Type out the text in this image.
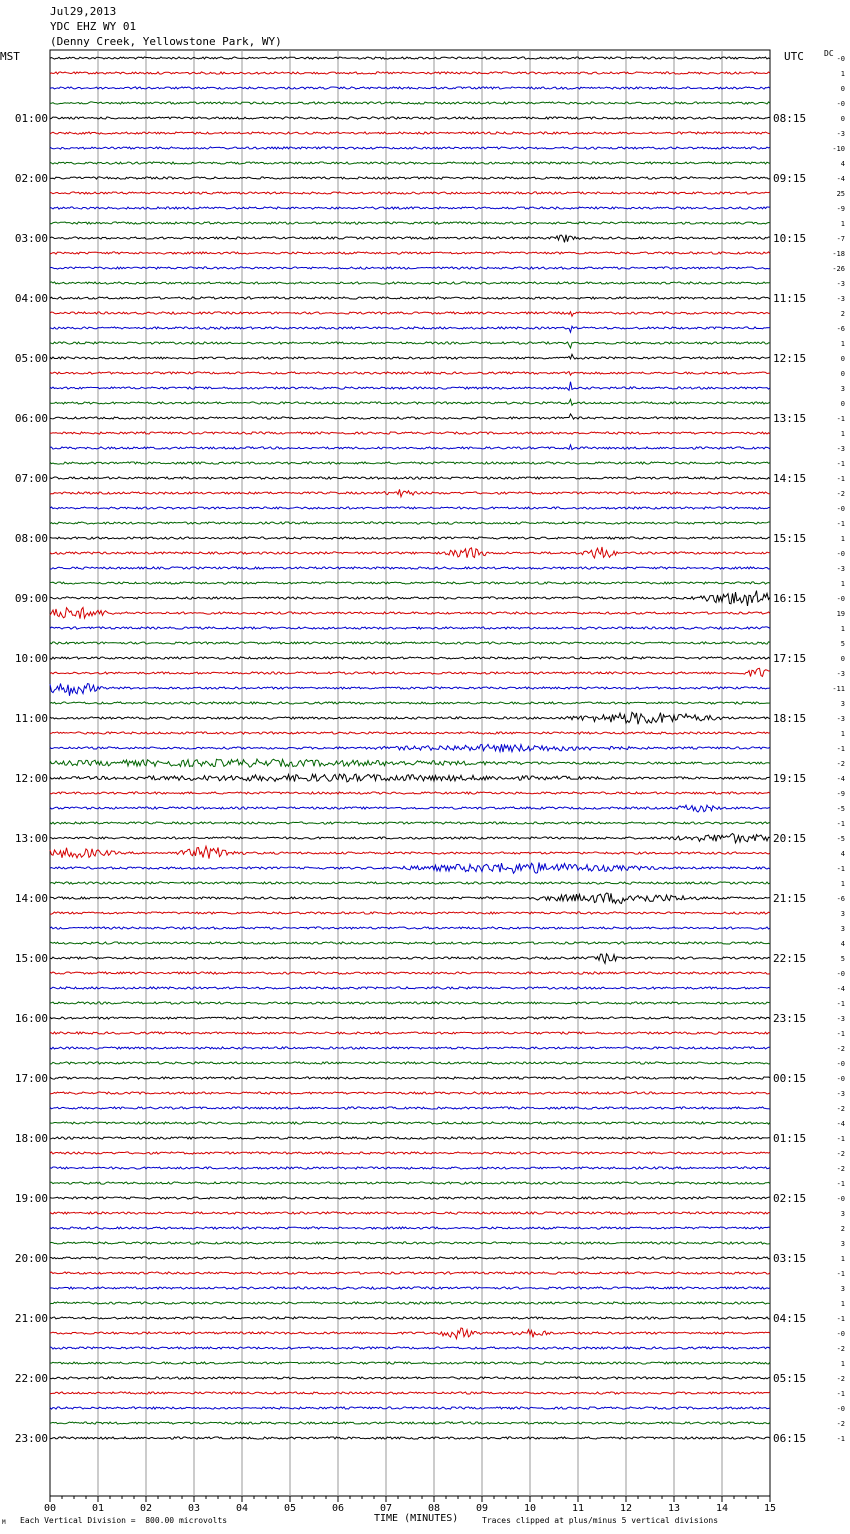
Jul29,2013
YDC EHZ WY 01
(Denny Creek, Yellowstone Park, WY)
MST	UTC	DC
-0
1
0
-0
0
-3
-10
4
-4
25
-9
1
-7
-18
-26
-3
-3
2
-6
1
0
0
3
0
-1
1
-3
-1
-1
-2
-0
-1
1
-0
-3
1
-0
19
1
5
0
-3
-11
3
-3
1
-1
-2
-4
-9
-5
-1
-5
4
-1
1
-6
3
3
4
5
-0
-4
-1
-3
-1
-2
-0
-0
-3
-2
-4
-1
-2
-2
-1
-0
3
2
3
1
-1
3
1
-1
-0
-2
1
-2
-1
-0
-2
-1
01:00
02:00
03:00
04:00
05:00
06:00
07:00
08:00
09:00
10:00
11:00
12:00
13:00
14:00
15:00
16:00
17:00
18:00
19:00
20:00
21:00
22:00
23:00
08:15
09:15
10:15
11:15
12:15
13:15
14:15
15:15
16:15
17:15
18:15
19:15
20:15
21:15
22:15
23:15
00:15
01:15
02:15
03:15
04:15
05:15
06:15
00	01	02	03	04	05	06	07	08	09	10	11	12	13	14	15
TIME (MINUTES)
Each Vertical Division =  800.00 microvolts	Traces clipped at plus/minus 5 vertical divisions
M
